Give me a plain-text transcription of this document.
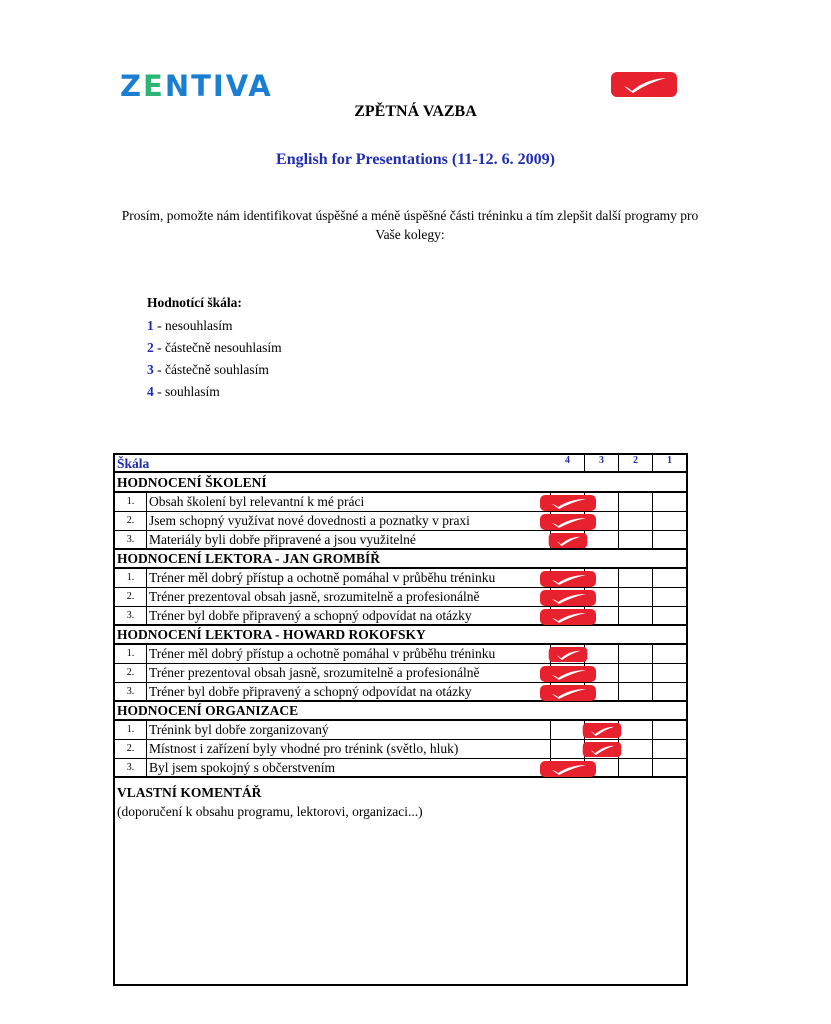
ZENTIVA
ZPĚTNÁ VAZBA
English for Presentations (11-12. 6. 2009)
Prosím, pomožte nám identifikovat úspěšné a méně úspěšné části tréninku a tím zlepšit další programy pro Vaše kolegy:
Hodnotící škála:
1 - nesouhlasím
2 - částečně nesouhlasím
3 - částečně souhlasím
4 - souhlasím
Škála	4	3	2	1
HODNOCENÍ ŠKOLENÍ
1.	Obsah školení byl relevantní k mé práci
2.	Jsem schopný využívat nové dovednosti a poznatky v praxi
3.	Materiály byli dobře připravené a jsou využitelné
HODNOCENÍ LEKTORA - JAN GROMBÍŘ
1.	Tréner měl dobrý přístup a ochotně pomáhal v průběhu tréninku
2.	Tréner prezentoval obsah jasně, srozumitelně a profesionálně
3.	Tréner byl dobře připravený a schopný odpovídat na otázky
HODNOCENÍ LEKTORA - HOWARD ROKOFSKY
1.	Tréner měl dobrý přístup a ochotně pomáhal v průběhu tréninku
2.	Tréner prezentoval obsah jasně, srozumitelně a profesionálně
3.	Tréner byl dobře připravený a schopný odpovídat na otázky
HODNOCENÍ ORGANIZACE
1.	Trénink byl dobře zorganizovaný
2.	Místnost i zařízení byly vhodné pro trénink (světlo, hluk)
3.	Byl jsem spokojný s občerstvením
VLASTNÍ KOMENTÁŘ
(doporučení k obsahu programu, lektorovi, organizaci...)
